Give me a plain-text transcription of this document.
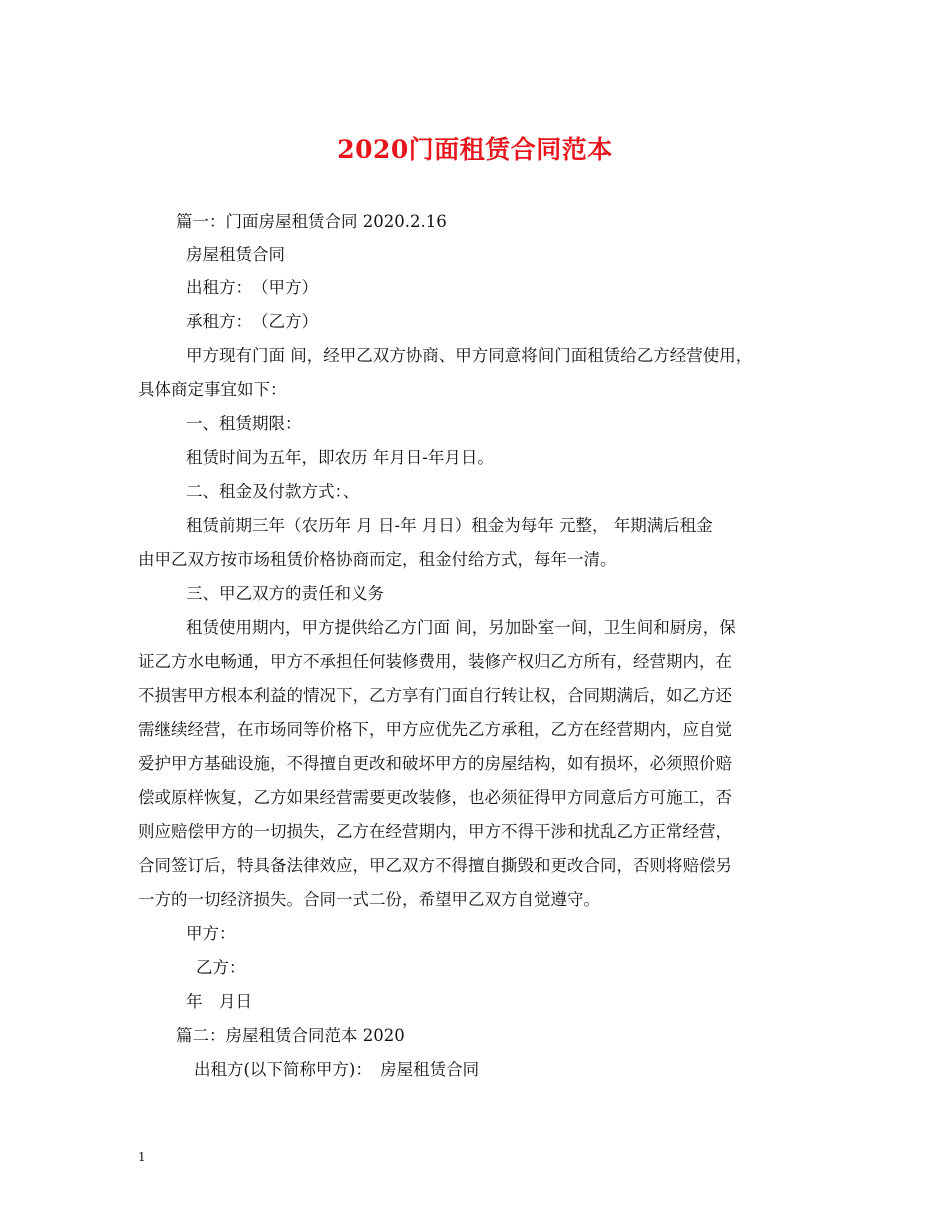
2020门面租赁合同范本
篇一：门面房屋租赁合同 2020.2.16
房屋租赁合同
出租方：　（甲方）
承租方：　（乙方）
甲方现有门面 间，经甲乙双方协商、甲方同意将间门面租赁给乙方经营使用，
具体商定事宜如下：
一、租赁期限：
租赁时间为五年，即农历 年月日-年月日。
二、租金及付款方式：、
租赁前期三年（农历年 月 日-年 月日）租金为每年 元整， 年期满后租金
由甲乙双方按市场租赁价格协商而定，租金付给方式，每年一清。
三、甲乙双方的责任和义务
租赁使用期内，甲方提供给乙方门面 间，另加卧室一间，卫生间和厨房，保
证乙方水电畅通，甲方不承担任何装修费用，装修产权归乙方所有，经营期内，在
不损害甲方根本利益的情况下，乙方享有门面自行转让权，合同期满后，如乙方还
需继续经营，在市场同等价格下，甲方应优先乙方承租，乙方在经营期内，应自觉
爱护甲方基础设施，不得擅自更改和破坏甲方的房屋结构，如有损坏，必须照价赔
偿或原样恢复，乙方如果经营需要更改装修，也必须征得甲方同意后方可施工，否
则应赔偿甲方的一切损失，乙方在经营期内，甲方不得干涉和扰乱乙方正常经营，
合同签订后，特具备法律效应，甲乙双方不得擅自撕毁和更改合同，否则将赔偿另
一方的一切经济损失。合同一式二份，希望甲乙双方自觉遵守。
甲方：
乙方：
年　月日
篇二：房屋租赁合同范本 2020
出租方(以下简称甲方)：　房屋租赁合同
1
